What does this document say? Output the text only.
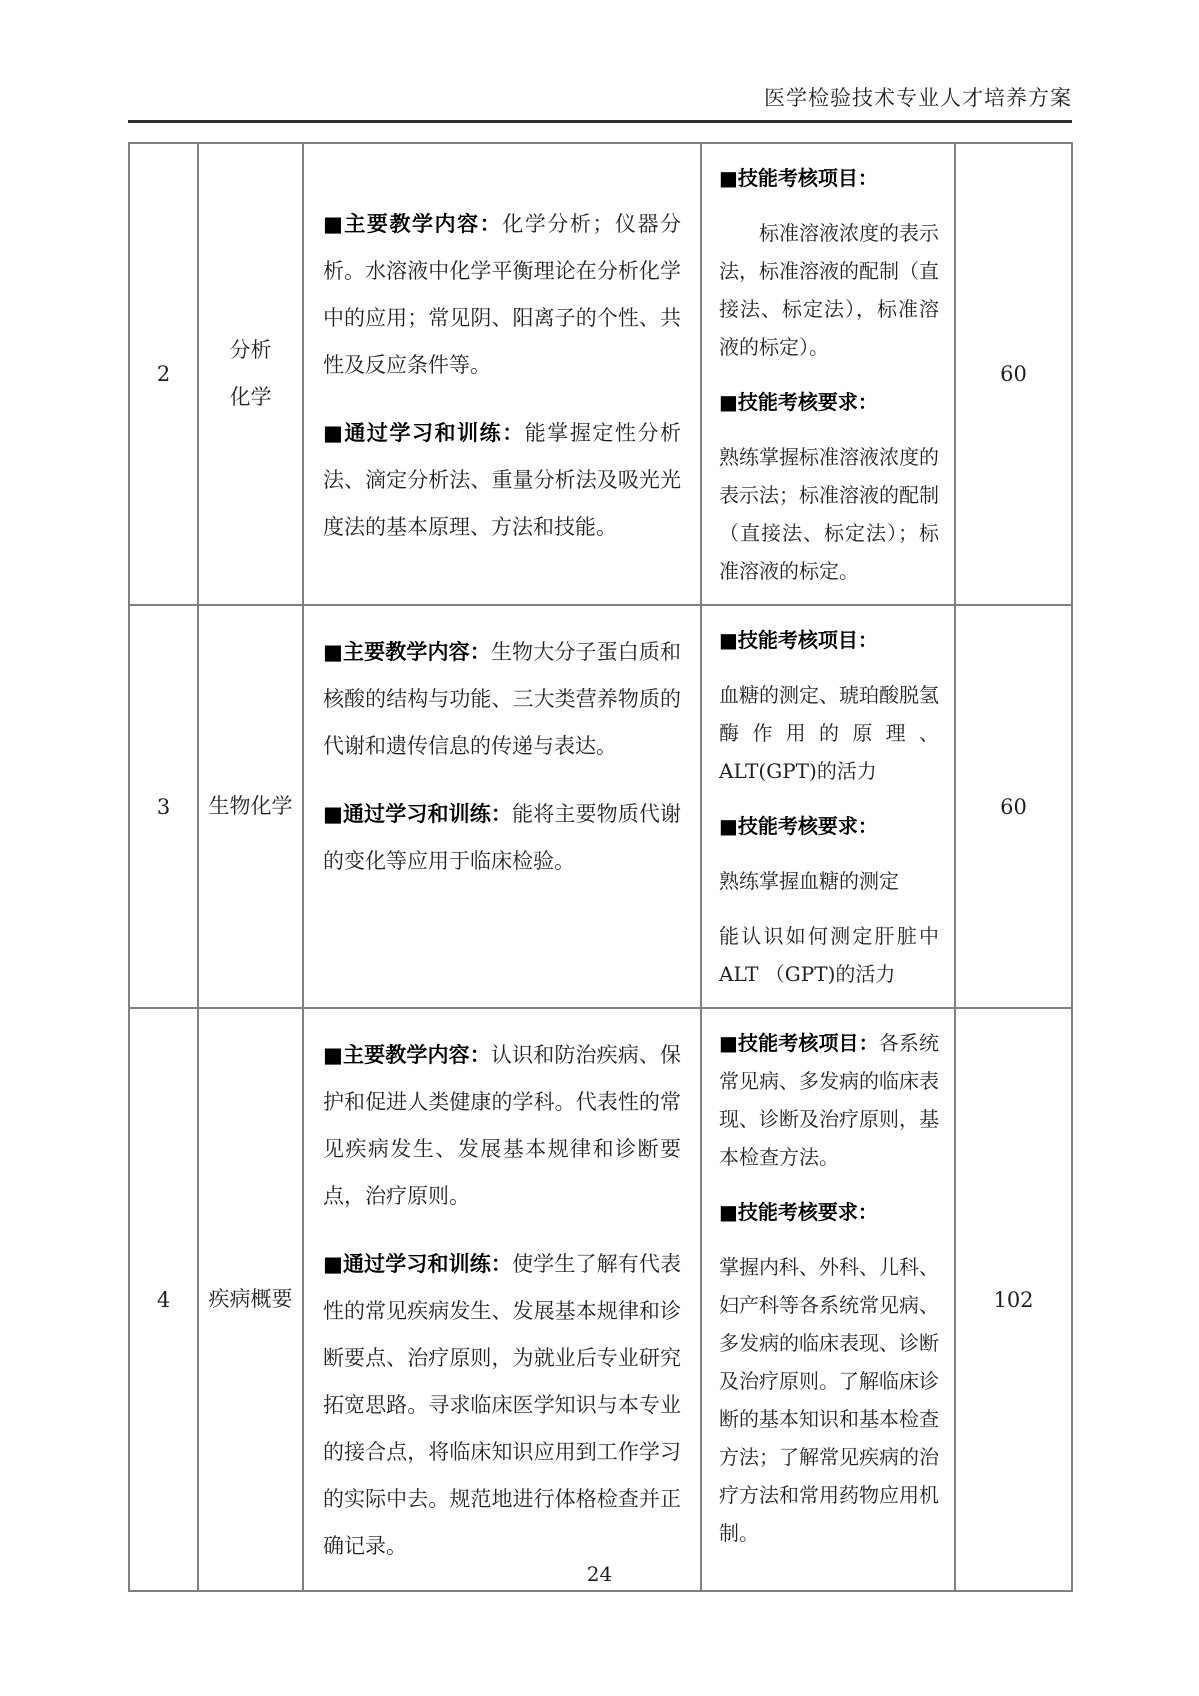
医学检验技术专业人才培养方案
2
分析
化学

■主要教学内容：化学分析；仪器分析。水溶液中化学平衡理论在分析化学中的应用；常见阴、阳离子的个性、共性及反应条件等。

■通过学习和训练：能掌握定性分析法、滴定分析法、重量分析法及吸光光度法的基本原理、方法和技能。

■技能考核项目：

标准溶液浓度的表示法，标准溶液的配制（直接法、标定法），标准溶液的标定）。

■技能考核要求：

熟练掌握标准溶液浓度的表示法；标准溶液的配制（直接法、标定法）；标准溶液的标定。

60
3	生物化学

■主要教学内容：生物大分子蛋白质和核酸的结构与功能、三大类营养物质的代谢和遗传信息的传递与表达。

■通过学习和训练：能将主要物质代谢的变化等应用于临床检验。

■技能考核项目：

血糖的测定、琥珀酸脱氢酶作用的原理、ALT(GPT)的活力

■技能考核要求：

熟练掌握血糖的测定

能认识如何测定肝脏中ALT （GPT)的活力

60
4	疾病概要

■主要教学内容：认识和防治疾病、保护和促进人类健康的学科。代表性的常见疾病发生、发展基本规律和诊断要点，治疗原则。

■通过学习和训练：使学生了解有代表性的常见疾病发生、发展基本规律和诊断要点、治疗原则，为就业后专业研究拓宽思路。寻求临床医学知识与本专业的接合点，将临床知识应用到工作学习的实际中去。规范地进行体格检查并正确记录。

■技能考核项目：各系统常见病、多发病的临床表现、诊断及治疗原则，基本检查方法。

■技能考核要求：

掌握内科、外科、儿科、妇产科等各系统常见病、多发病的临床表现、诊断及治疗原则。了解临床诊断的基本知识和基本检查方法；了解常见疾病的治疗方法和常用药物应用机制。

102
24
